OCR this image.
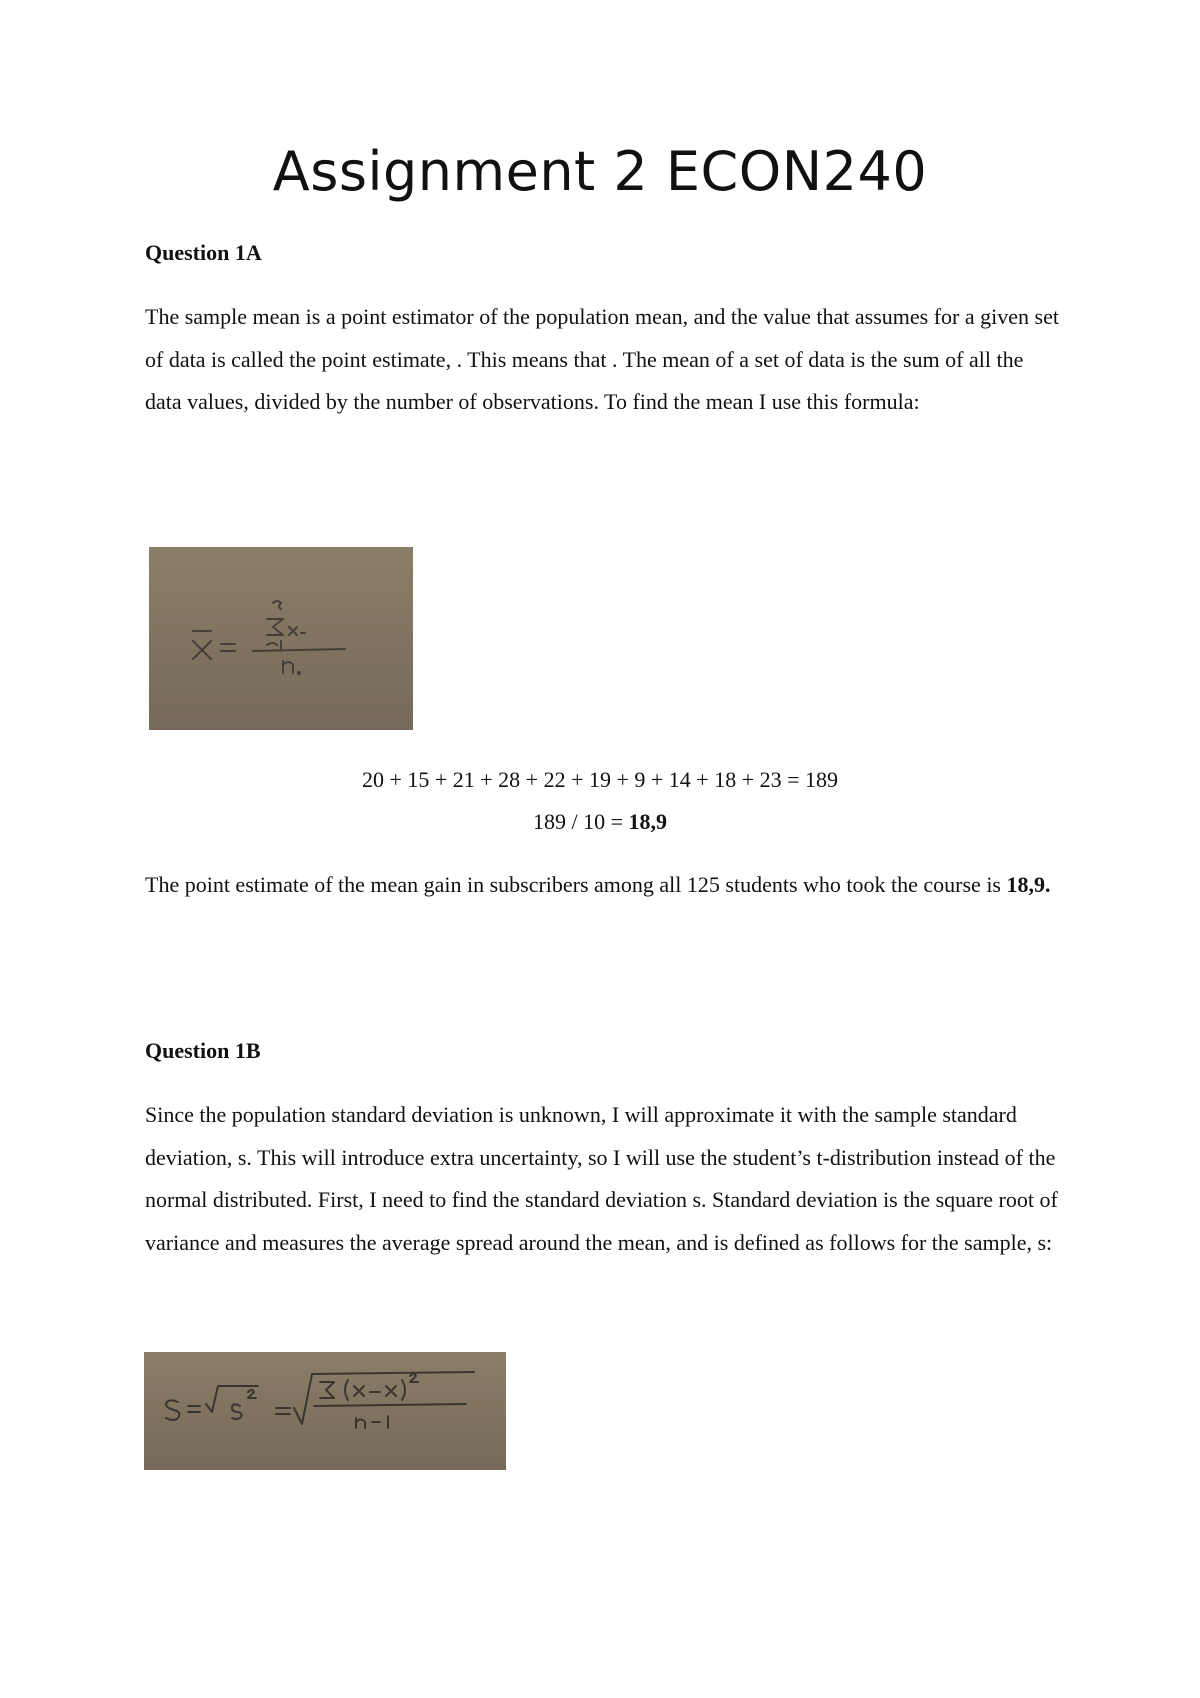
Assignment 2 ECON240

Question 1A

The sample mean is a point estimator of the population mean, and the value that assumes for a given set of data is called the point estimate, . This means that . The mean of a set of data is the sum of all the data values, divided by the number of observations. To find the mean I use this formula:

20 + 15 + 21 + 28 + 22 + 19 + 9 + 14 + 18 + 23 = 189

189 / 10 = 18,9

The point estimate of the mean gain in subscribers among all 125 students who took the course is 18,9.

Question 1B

Since the population standard deviation is unknown, I will approximate it with the sample standard deviation, s. This will introduce extra uncertainty, so I will use the student’s t-distribution instead of the normal distributed. First, I need to find the standard deviation s. Standard deviation is the square root of variance and measures the average spread around the mean, and is defined as follows for the sample, s:
